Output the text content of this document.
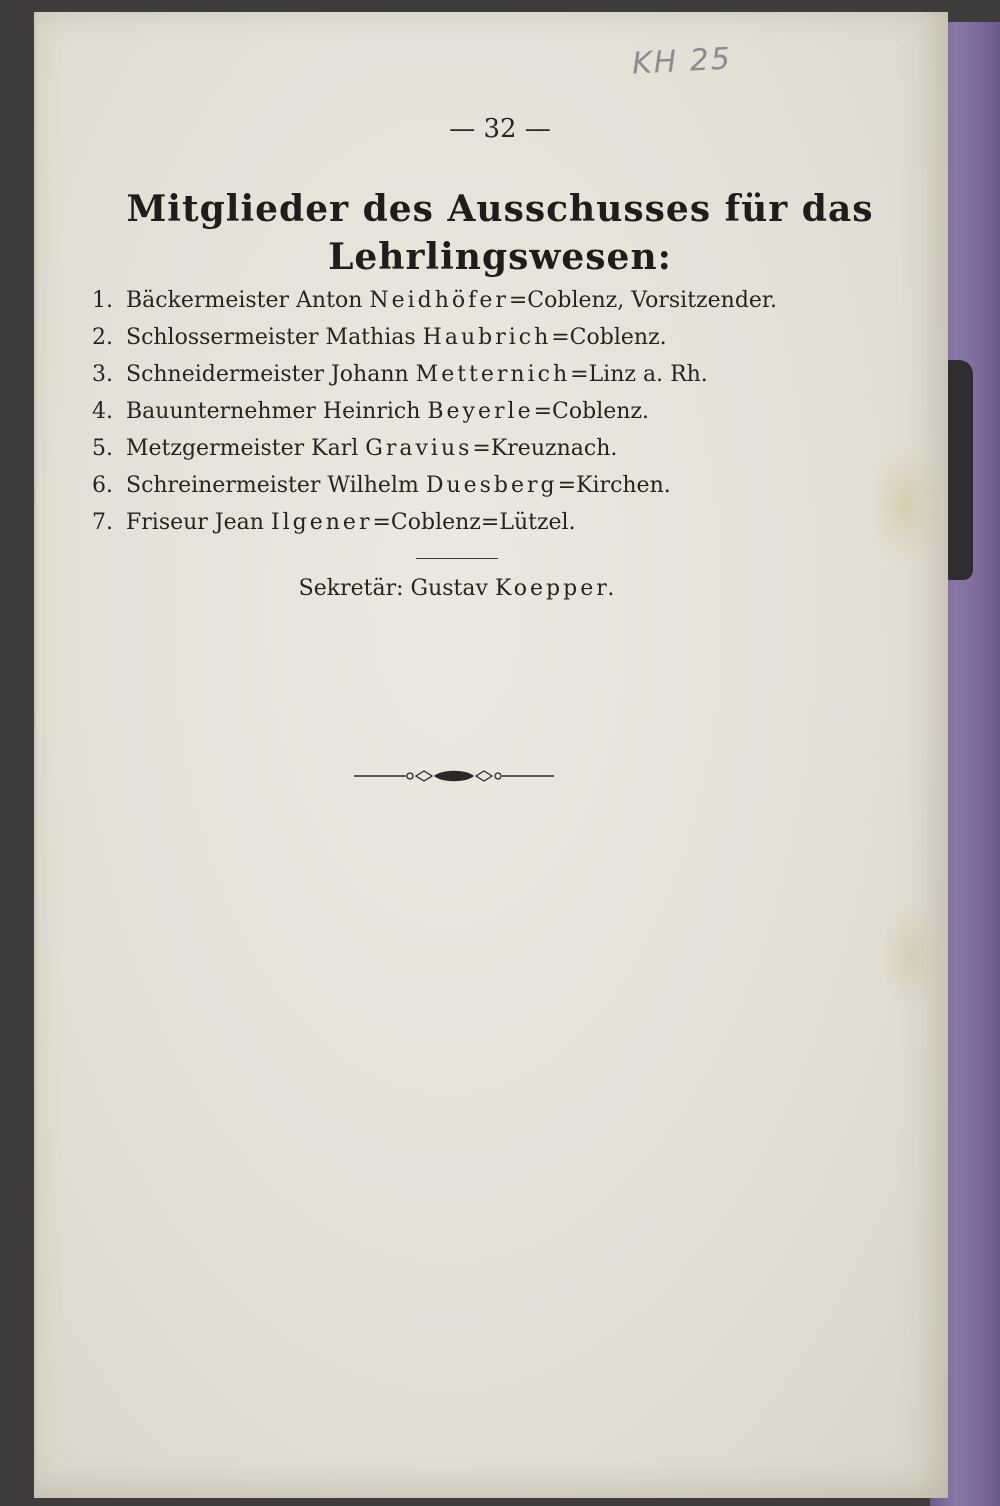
KH 25
— 32 —
Mitglieder des Ausschusses für das
Lehrlingswesen:
1. Bäckermeister Anton Neidhöfer=Coblenz, Vorsitzender.
2. Schlossermeister Mathias Haubrich=Coblenz.
3. Schneidermeister Johann Metternich=Linz a. Rh.
4. Bauunternehmer Heinrich Beyerle=Coblenz.
5. Metzgermeister Karl Gravius=Kreuznach.
6. Schreinermeister Wilhelm Duesberg=Kirchen.
7. Friseur Jean Ilgener=Coblenz=Lützel.
Sekretär: Gustav Koepper.
